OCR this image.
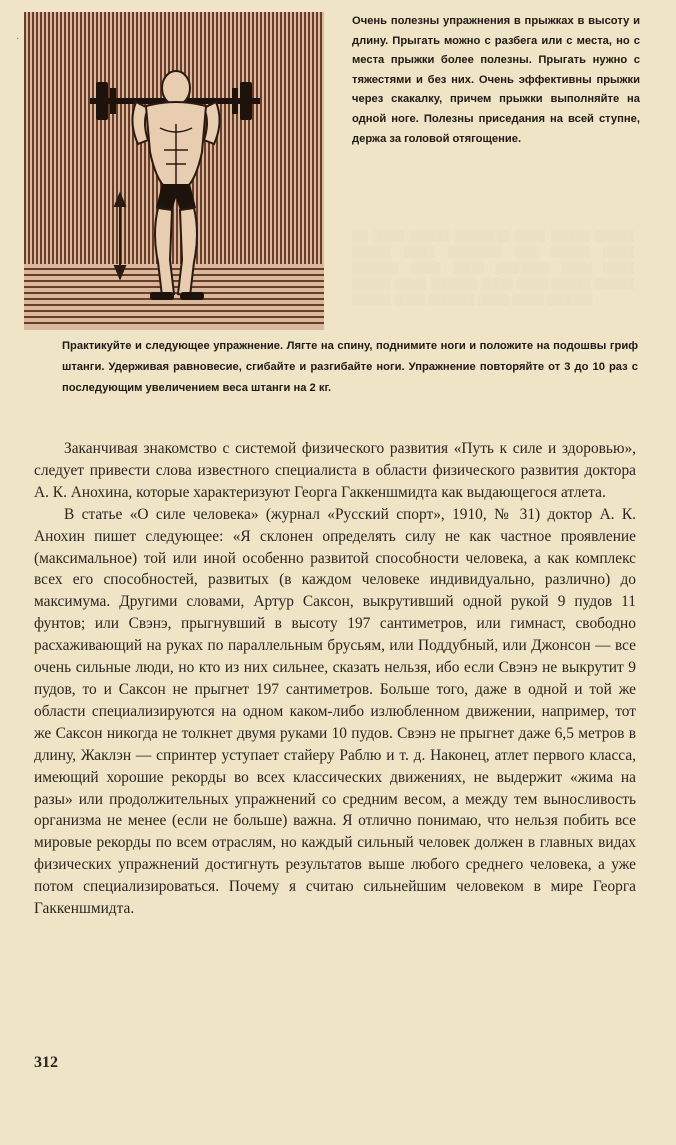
·
Очень полезны упражнения в прыжках в высоту и длину. Прыгать можно с разбега или с места, но с места прыжки более полезны. Прыгать нужно с тяжестями и без них. Очень эффективны прыжки через скакалку, причем прыжки выполняйте на одной ноге. Полезны приседания на всей ступне, держа за головой отягощение.
░░ ░░░░ ░░░░░ ░░░░░░░ ░░░░ ░░░░░ ░░░░░ ░░░░░ ░░░░ ░░░░░░░ ░░░ ░░░░░ ░░░░ ░░░░░░ ░░░░ ░░░░ ░░░░░░░ ░░░░ ░░░░ ░░░░░ ░░░░ ░░░░░░ ░░░░ ░░░░ ░░░░░ ░░░░░ ░░░░░ ░░░░ ░░░░░░ ░░░░ ░░░░ ░░░░░░
Практикуйте и следующее упражнение. Лягте на спину, поднимите ноги и положите на подошвы гриф штанги. Удерживая равновесие, сгибайте и разгибайте ноги. Упражнение повторяйте от 3 до 10 раз с последующим увеличением веса штанги на 2 кг.

Заканчивая знакомство с системой физического развития «Путь к силе и здоровью», следует привести слова известного специалиста в области физического развития доктора А. К. Анохина, которые характеризуют Георга Гаккеншмидта как выдающегося атлета.

В статье «О силе человека» (журнал «Русский спорт», 1910, № 31) доктор А. К. Анохин пишет следующее: «Я склонен определять силу не как частное проявление (максимальное) той или иной особенно развитой способности человека, а как комплекс всех его способностей, развитых (в каждом человеке индивидуально, различно) до максимума. Другими словами, Артур Саксон, выкрутивший одной рукой 9 пудов 11 фунтов; или Свэнэ, прыгнувший в высоту 197 сантиметров, или гимнаст, свободно расхаживающий на руках по параллельным брусьям, или Поддубный, или Джонсон — все очень сильные люди, но кто из них сильнее, сказать нельзя, ибо если Свэнэ не выкрутит 9 пудов, то и Саксон не прыгнет 197 сантиметров. Больше того, даже в одной и той же области специализируются на одном каком-либо излюбленном движении, например, тот же Саксон никогда не толкнет двумя руками 10 пудов. Свэнэ не прыгнет даже 6,5 метров в длину, Жаклэн — спринтер уступает стайеру Раблю и т. д. Наконец, атлет первого класса, имеющий хорошие рекорды во всех классических движениях, не выдержит «жима на разы» или продолжительных упражнений со средним весом, а между тем выносливость организма не менее (если не больше) важна. Я отлично понимаю, что нельзя побить все мировые рекорды по всем отраслям, но каждый сильный человек должен в главных видах физических упражнений достигнуть результатов выше любого среднего человека, а уже потом специализироваться. Почему я считаю сильнейшим человеком в мире Георга Гаккеншмидта.

312
